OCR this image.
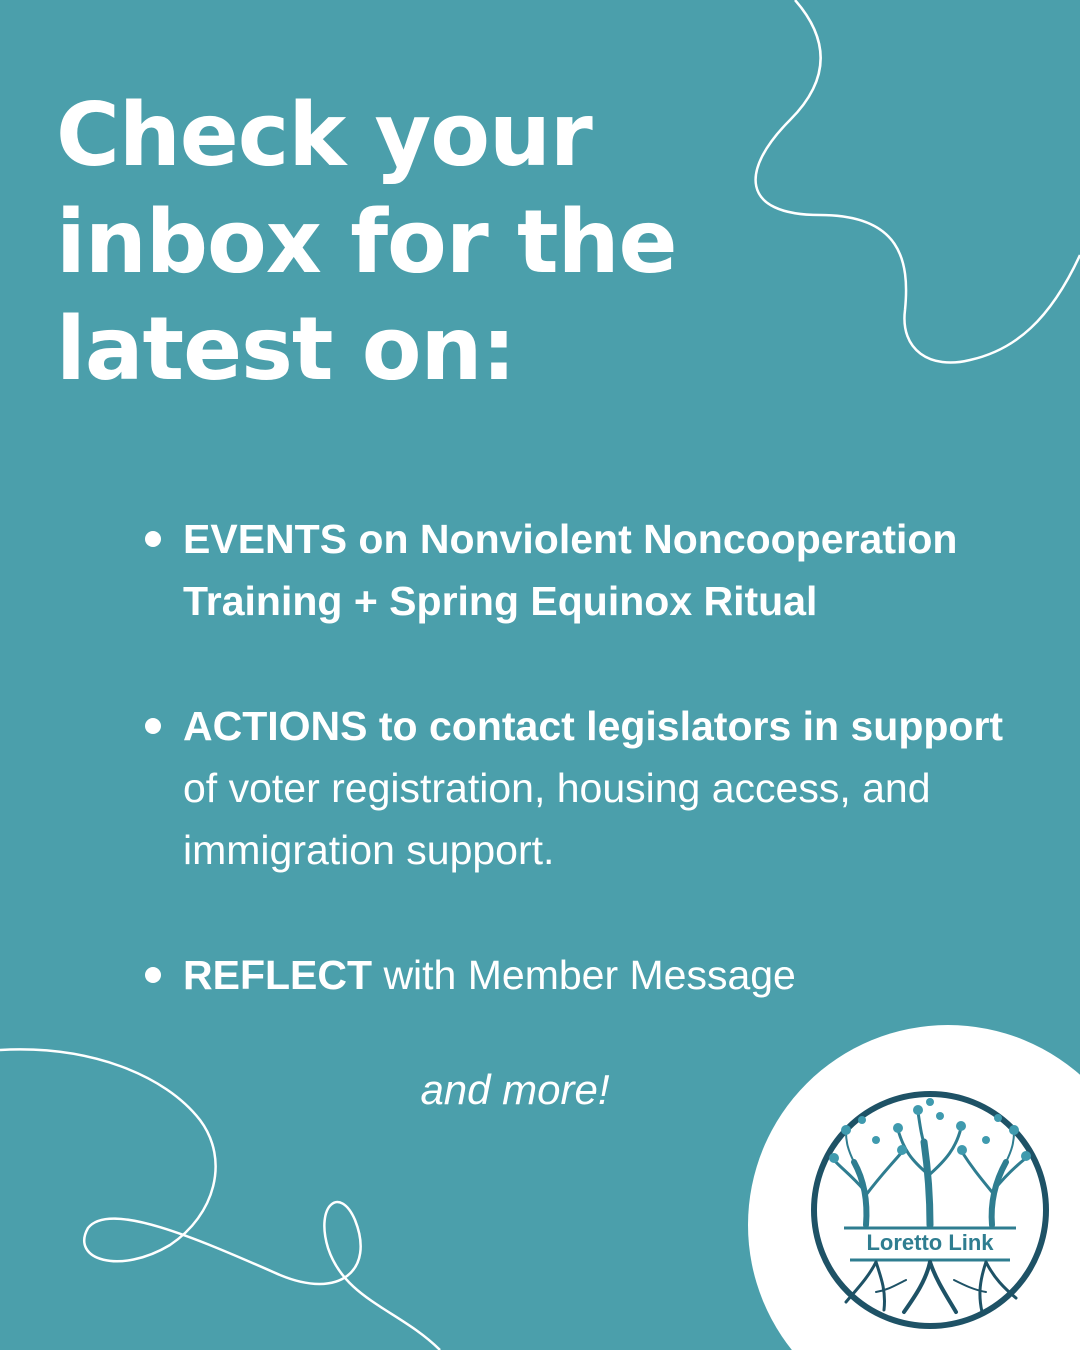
Check your
inbox for the
latest on:
EVENTS on Nonviolent Noncooperation Training + Spring Equinox Ritual
ACTIONS to contact legislators in support of voter registration, housing access, and immigration support.
REFLECT with Member Message
and more!
Loretto Link
